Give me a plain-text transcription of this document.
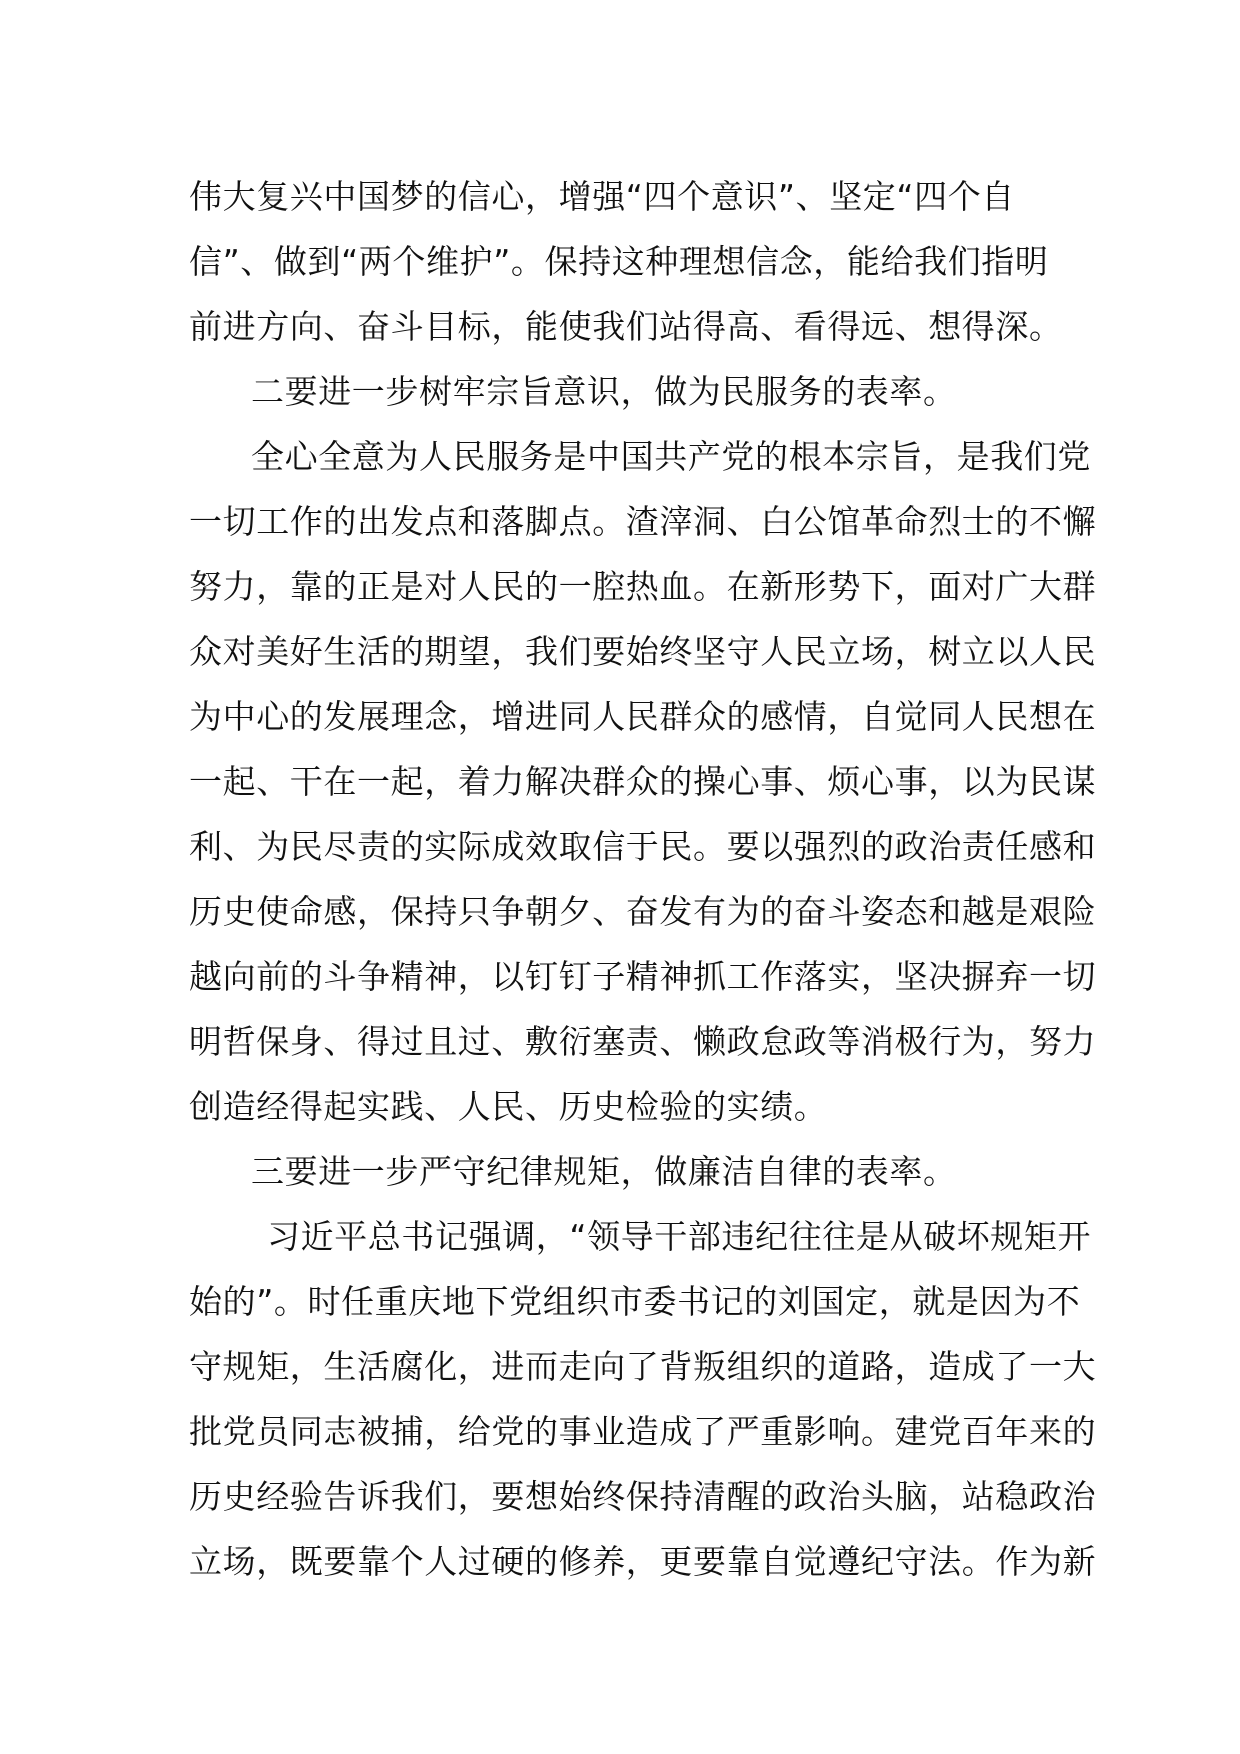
伟大复兴中国梦的信心，增强“四个意识”、坚定“四个自
信”、做到“两个维护”。保持这种理想信念，能给我们指明
前进方向、奋斗目标，能使我们站得高、看得远、想得深。
二要进一步树牢宗旨意识，做为民服务的表率。
全心全意为人民服务是中国共产党的根本宗旨，是我们党
一切工作的出发点和落脚点。渣滓洞、白公馆革命烈士的不懈
努力，靠的正是对人民的一腔热血。在新形势下，面对广大群
众对美好生活的期望，我们要始终坚守人民立场，树立以人民
为中心的发展理念，增进同人民群众的感情，自觉同人民想在
一起、干在一起，着力解决群众的操心事、烦心事，以为民谋
利、为民尽责的实际成效取信于民。要以强烈的政治责任感和
历史使命感，保持只争朝夕、奋发有为的奋斗姿态和越是艰险
越向前的斗争精神，以钉钉子精神抓工作落实，坚决摒弃一切
明哲保身、得过且过、敷衍塞责、懒政怠政等消极行为，努力
创造经得起实践、人民、历史检验的实绩。
三要进一步严守纪律规矩，做廉洁自律的表率。
习近平总书记强调，“领导干部违纪往往是从破坏规矩开
始的”。时任重庆地下党组织市委书记的刘国定，就是因为不
守规矩，生活腐化，进而走向了背叛组织的道路，造成了一大
批党员同志被捕，给党的事业造成了严重影响。建党百年来的
历史经验告诉我们，要想始终保持清醒的政治头脑，站稳政治
立场，既要靠个人过硬的修养，更要靠自觉遵纪守法。作为新
